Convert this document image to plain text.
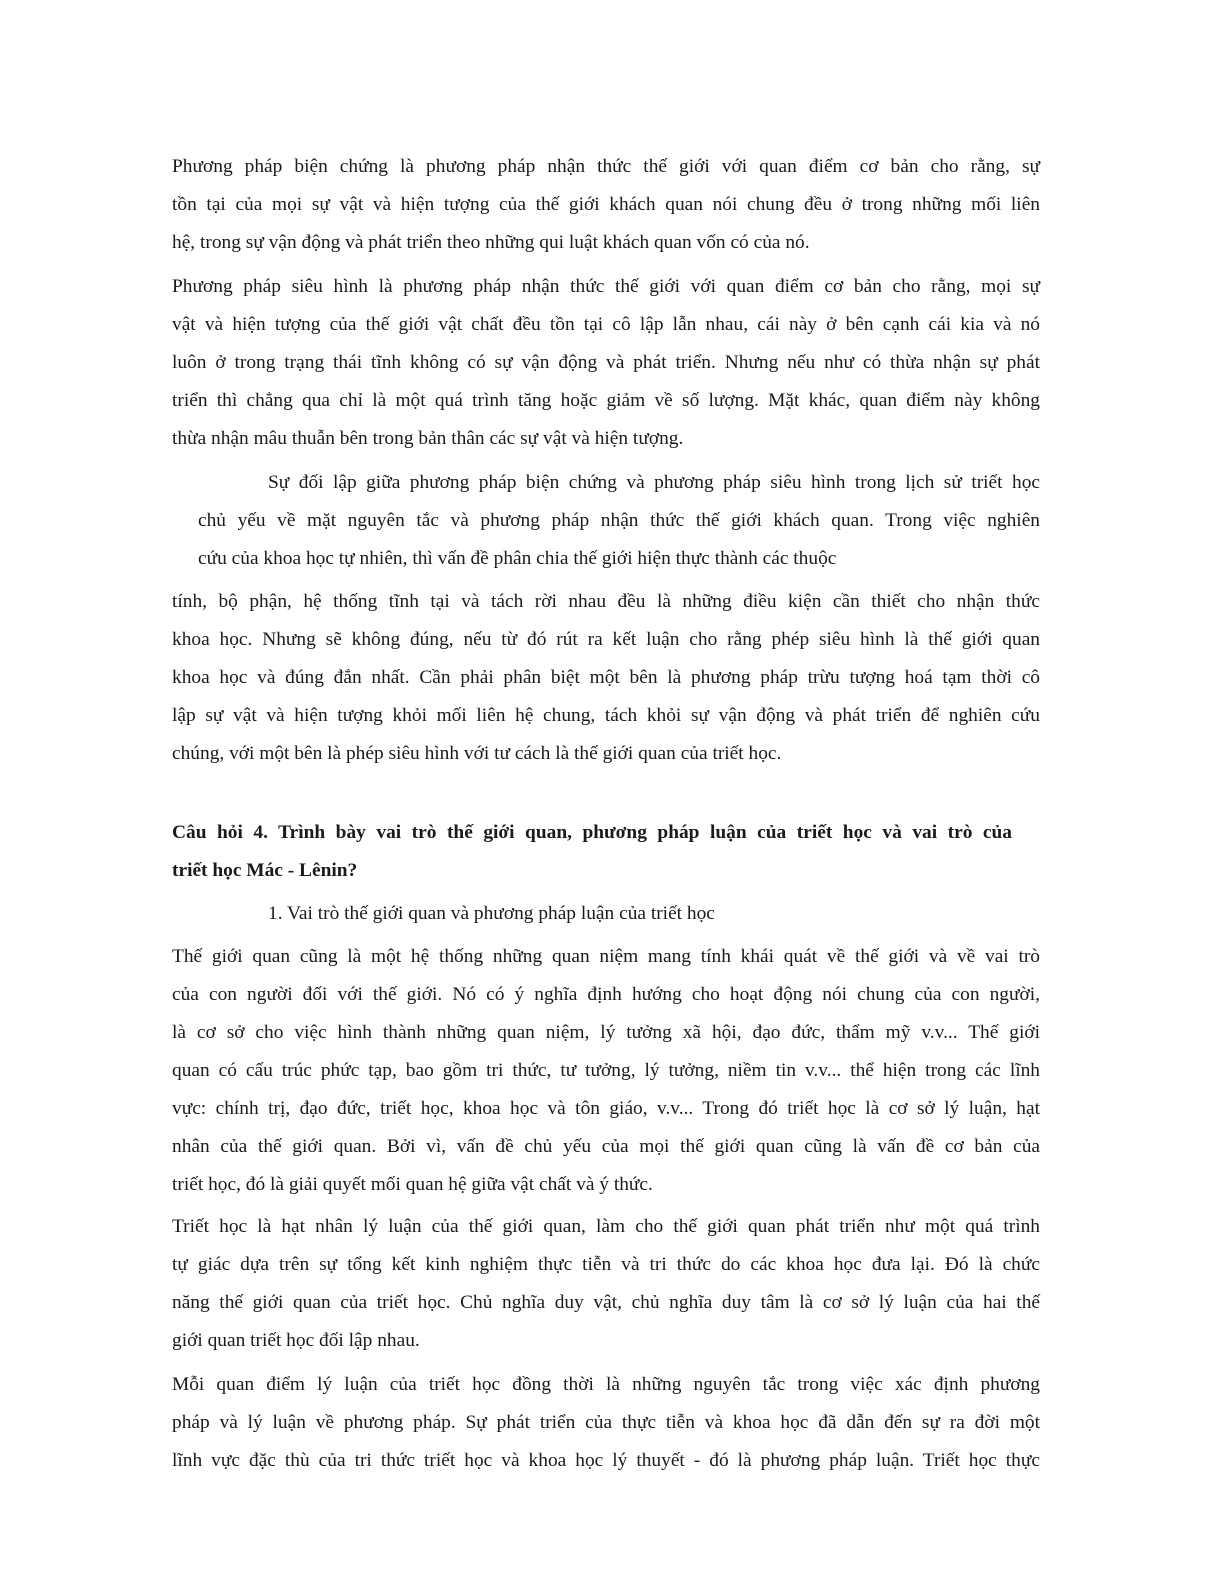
Phương pháp biện chứng là phương pháp nhận thức thế giới với quan điểm cơ bản cho rằng, sự
tồn tại của mọi sự vật và hiện tượng của thế giới khách quan nói chung đều ở trong những mối liên
hệ, trong sự vận động và phát triển theo những qui luật khách quan vốn có của nó.
Phương pháp siêu hình là phương pháp nhận thức thế giới với quan điểm cơ bản cho rằng, mọi sự
vật và hiện tượng của thế giới vật chất đều tồn tại cô lập lẫn nhau, cái này ở bên cạnh cái kia và nó
luôn ở trong trạng thái tĩnh không có sự vận động và phát triển. Nhưng nếu như có thừa nhận sự phát
triển thì chẳng qua chỉ là một quá trình tăng hoặc giảm về số lượng. Mặt khác, quan điểm này không
thừa nhận mâu thuẫn bên trong bản thân các sự vật và hiện tượng.
Sự đối lập giữa phương pháp biện chứng và phương pháp siêu hình trong lịch sử triết học
chủ yếu về mặt nguyên tắc và phương pháp nhận thức thế giới khách quan. Trong việc nghiên
cứu của khoa học tự nhiên, thì vấn đề phân chia thế giới hiện thực thành các thuộc
tính, bộ phận, hệ thống tĩnh tại và tách rời nhau đều là những điều kiện cần thiết cho nhận thức
khoa học. Nhưng sẽ không đúng, nếu từ đó rút ra kết luận cho rằng phép siêu hình là thế giới quan
khoa học và đúng đắn nhất. Cần phải phân biệt một bên là phương pháp trừu tượng hoá tạm thời cô
lập sự vật và hiện tượng khỏi mối liên hệ chung, tách khỏi sự vận động và phát triển để nghiên cứu
chúng, với một bên là phép siêu hình với tư cách là thế giới quan của triết học.
Câu hỏi 4. Trình bày vai trò thế giới quan, phương pháp luận của triết học và vai trò của
triết học Mác - Lênin?
1. Vai trò thế giới quan và phương pháp luận của triết học
Thế giới quan cũng là một hệ thống những quan niệm mang tính khái quát về thế giới và về vai trò
của con người đối với thế giới. Nó có ý nghĩa định hướng cho hoạt động nói chung của con người,
là cơ sở cho việc hình thành những quan niệm, lý tưởng xã hội, đạo đức, thẩm mỹ v.v... Thế giới
quan có cấu trúc phức tạp, bao gồm tri thức, tư tưởng, lý tưởng, niềm tin v.v... thể hiện trong các lĩnh
vực: chính trị, đạo đức, triết học, khoa học và tôn giáo, v.v... Trong đó triết học là cơ sở lý luận, hạt
nhân của thế giới quan. Bởi vì, vấn đề chủ yếu của mọi thế giới quan cũng là vấn đề cơ bản của
triết học, đó là giải quyết mối quan hệ giữa vật chất và ý thức.
Triết học là hạt nhân lý luận của thế giới quan, làm cho thế giới quan phát triển như một quá trình
tự giác dựa trên sự tổng kết kinh nghiệm thực tiễn và tri thức do các khoa học đưa lại. Đó là chức
năng thế giới quan của triết học. Chủ nghĩa duy vật, chủ nghĩa duy tâm là cơ sở lý luận của hai thế
giới quan triết học đối lập nhau.
Mỗi quan điểm lý luận của triết học đồng thời là những nguyên tắc trong việc xác định phương
pháp và lý luận về phương pháp. Sự phát triển của thực tiễn và khoa học đã dẫn đến sự ra đời một
lĩnh vực đặc thù của tri thức triết học và khoa học lý thuyết - đó là phương pháp luận. Triết học thực
